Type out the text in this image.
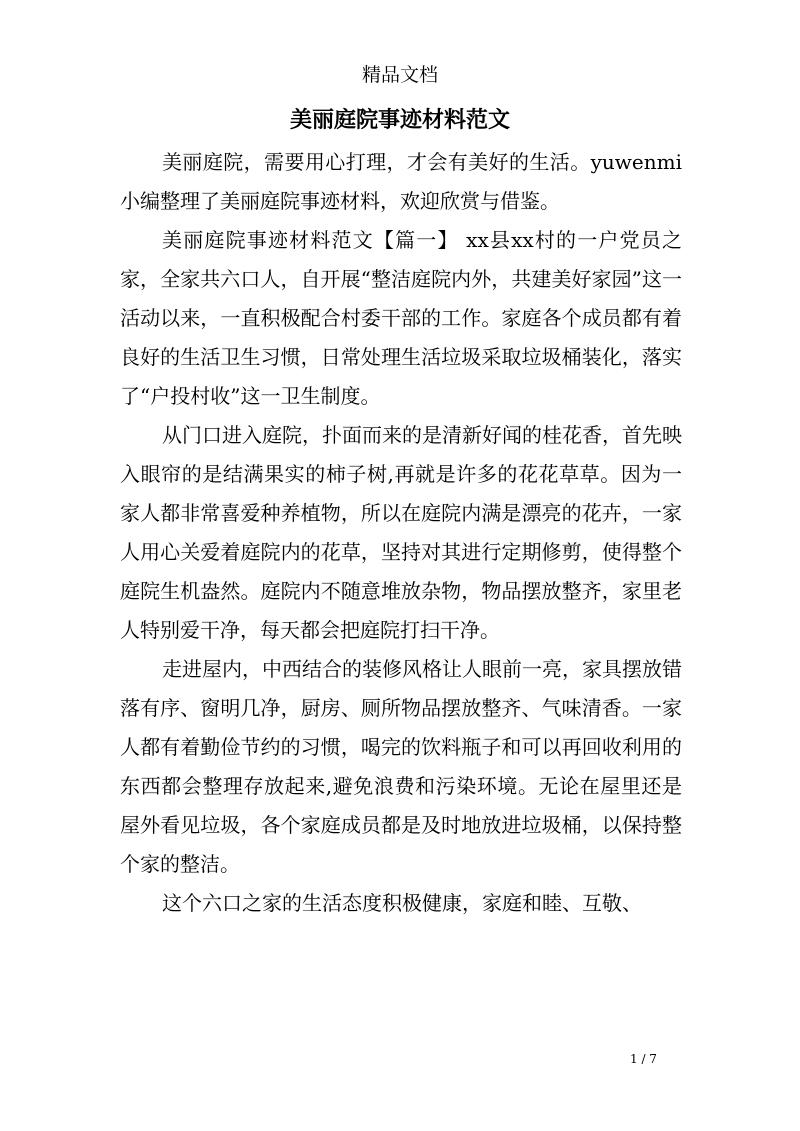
精品文档
美丽庭院事迹材料范文

美丽庭院，需要用心打理，才会有美好的生活。yuwenmi小编整理了美丽庭院事迹材料，欢迎欣赏与借鉴。

美丽庭院事迹材料范文【篇一】 xx县xx村的一户党员之家，全家共六口人，自开展“整洁庭院内外，共建美好家园”这一活动以来，一直积极配合村委干部的工作。家庭各个成员都有着良好的生活卫生习惯，日常处理生活垃圾采取垃圾桶装化，落实了“户投村收”这一卫生制度。

从门口进入庭院，扑面而来的是清新好闻的桂花香，首先映入眼帘的是结满果实的柿子树,再就是许多的花花草草。因为一家人都非常喜爱种养植物，所以在庭院内满是漂亮的花卉，一家人用心关爱着庭院内的花草，坚持对其进行定期修剪，使得整个庭院生机盎然。庭院内不随意堆放杂物，物品摆放整齐，家里老人特别爱干净，每天都会把庭院打扫干净。

走进屋内，中西结合的装修风格让人眼前一亮，家具摆放错落有序、窗明几净，厨房、厕所物品摆放整齐、气味清香。一家人都有着勤俭节约的习惯，喝完的饮料瓶子和可以再回收利用的东西都会整理存放起来,避免浪费和污染环境。无论在屋里还是屋外看见垃圾，各个家庭成员都是及时地放进垃圾桶，以保持整个家的整洁。

这个六口之家的生活态度积极健康，家庭和睦、互敬、

1 / 7
